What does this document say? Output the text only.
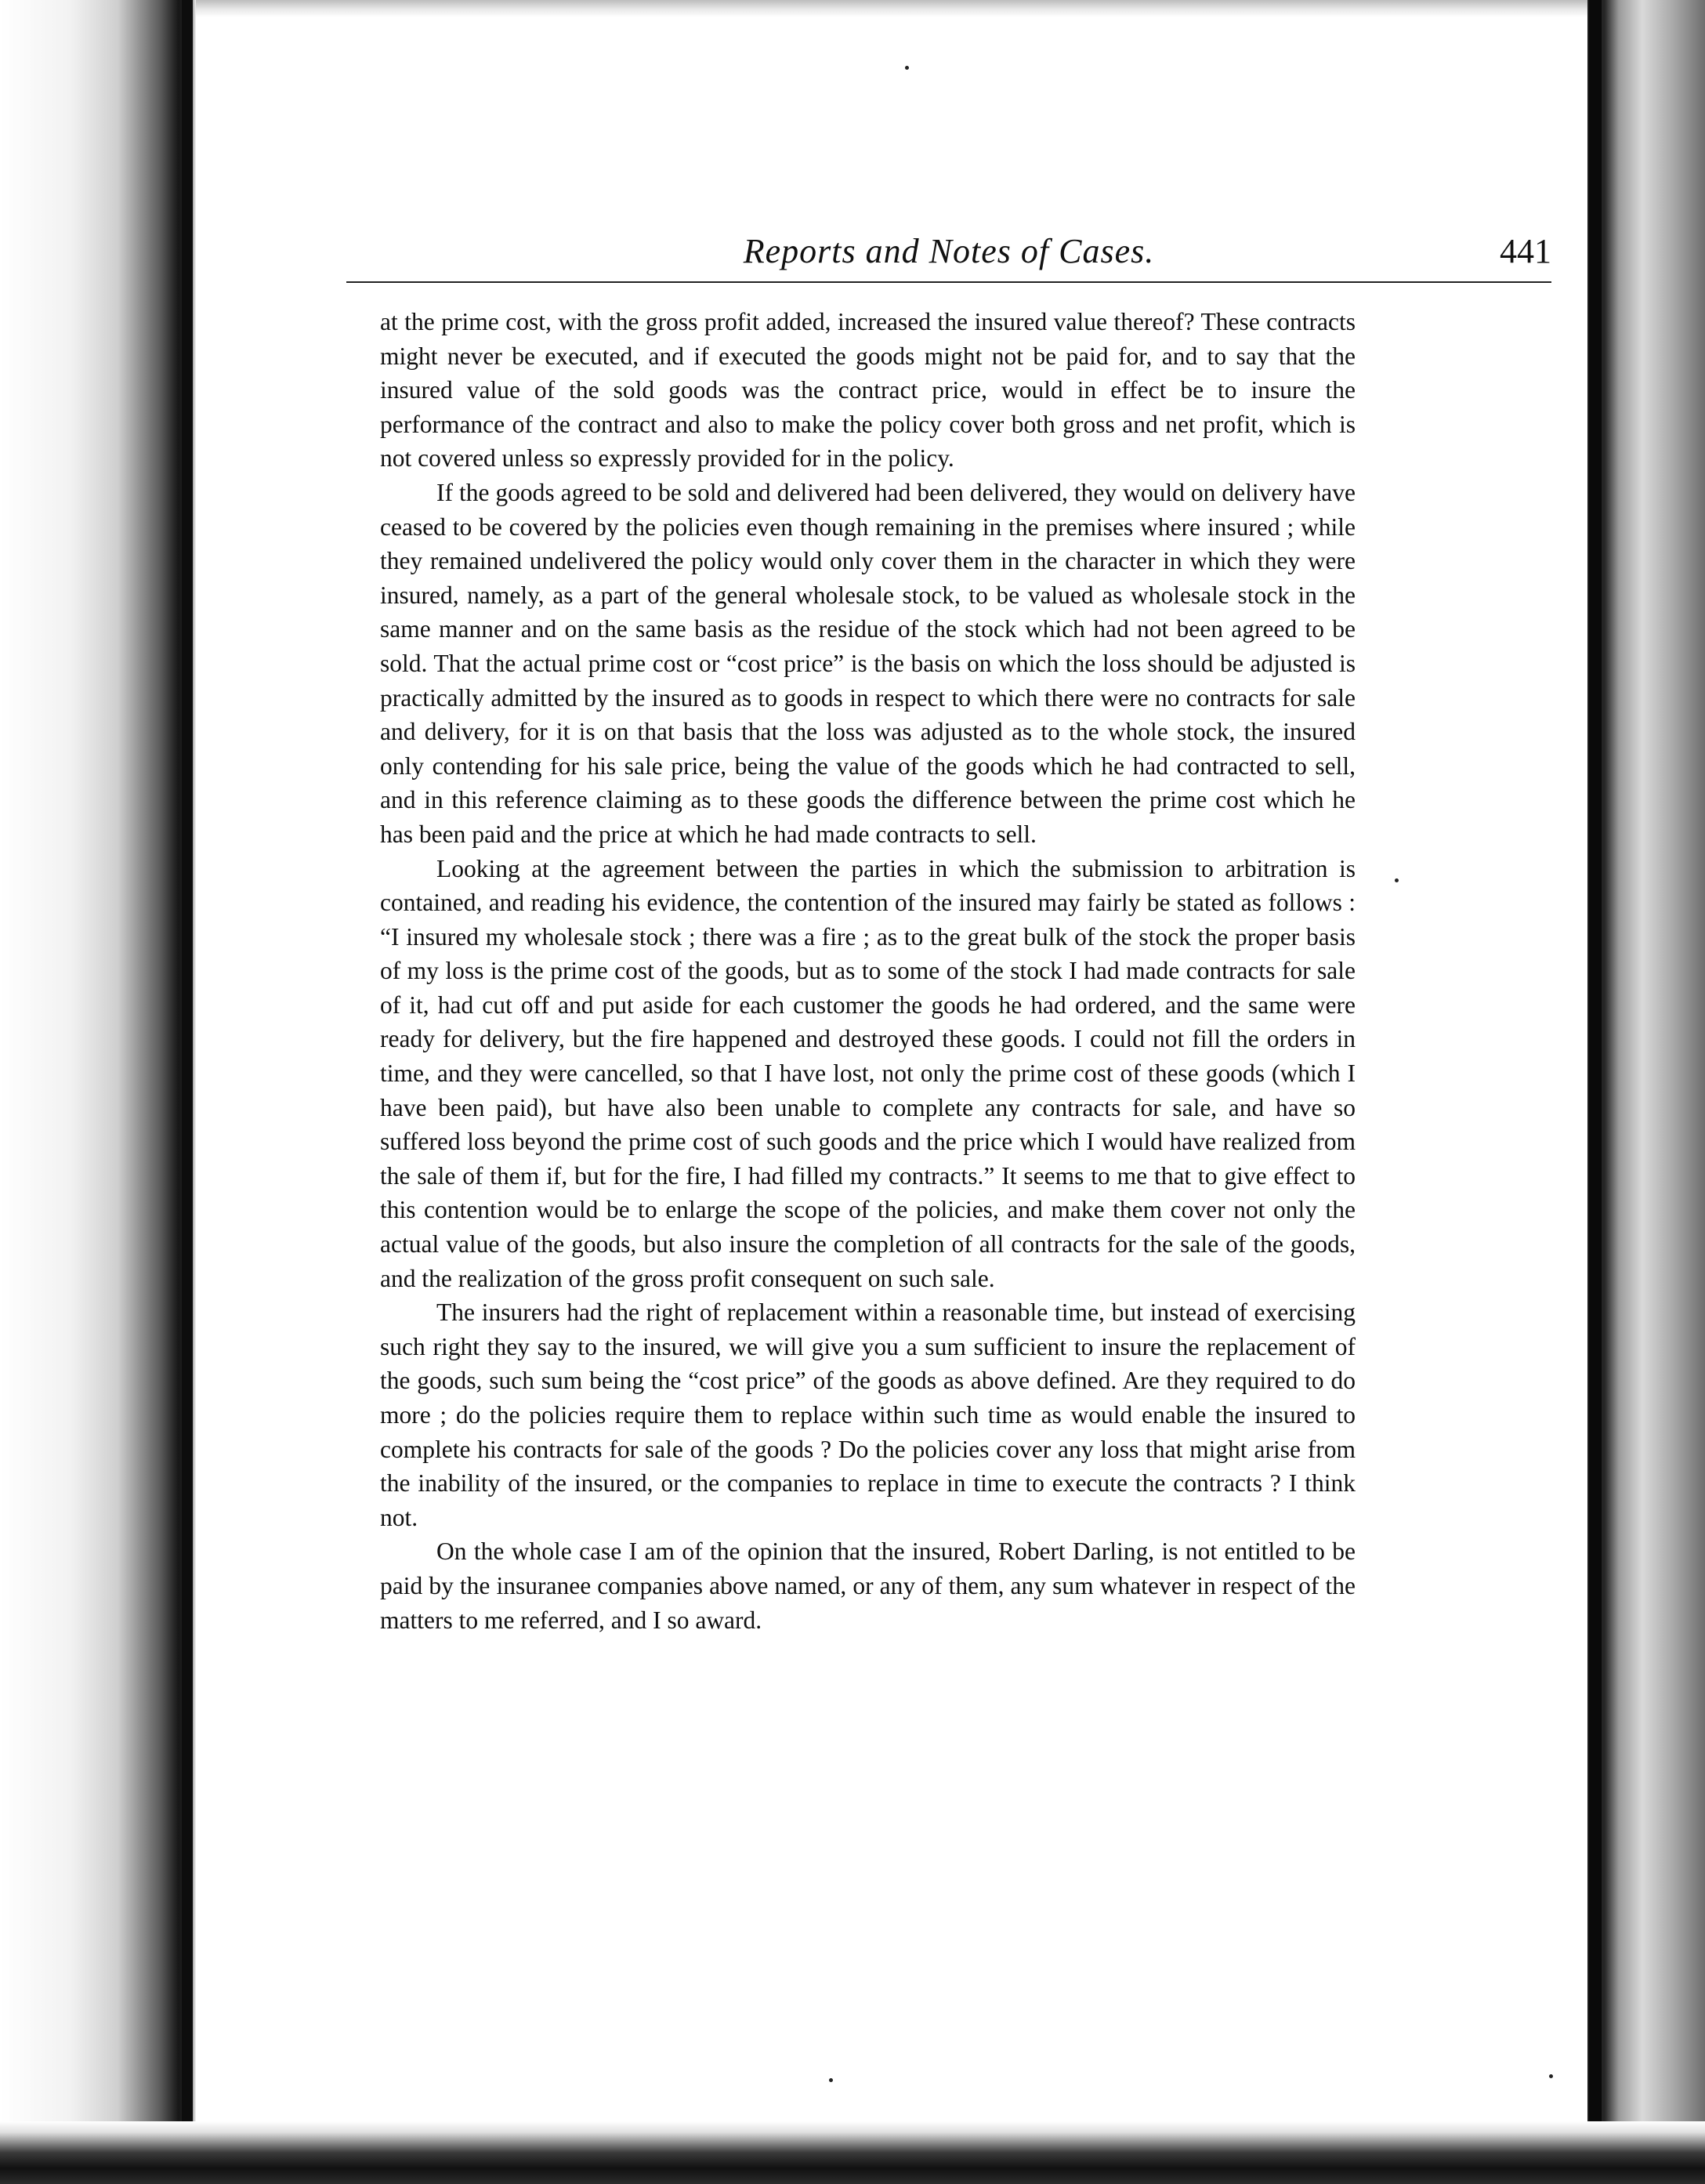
Reports and Notes of Cases.	441

at the prime cost, with the gross profit added, increased the insured value thereof? These contracts might never be executed, and if executed the goods might not be paid for, and to say that the insured value of the sold goods was the contract price, would in effect be to insure the performance of the contract and also to make the policy cover both gross and net profit, which is not covered unless so expressly provided for in the policy.

If the goods agreed to be sold and delivered had been delivered, they would on delivery have ceased to be covered by the policies even though remaining in the premises where insured ; while they remained undelivered the policy would only cover them in the character in which they were insured, namely, as a part of the general wholesale stock, to be valued as wholesale stock in the same manner and on the same basis as the residue of the stock which had not been agreed to be sold. That the actual prime cost or “cost price” is the basis on which the loss should be adjusted is practically admitted by the insured as to goods in respect to which there were no contracts for sale and delivery, for it is on that basis that the loss was adjusted as to the whole stock, the insured only contending for his sale price, being the value of the goods which he had contracted to sell, and in this reference claiming as to these goods the difference between the prime cost which he has been paid and the price at which he had made contracts to sell.

Looking at the agreement between the parties in which the submission to arbitration is contained, and reading his evidence, the contention of the insured may fairly be stated as follows : “I insured my wholesale stock ; there was a fire ; as to the great bulk of the stock the proper basis of my loss is the prime cost of the goods, but as to some of the stock I had made contracts for sale of it, had cut off and put aside for each customer the goods he had ordered, and the same were ready for delivery, but the fire happened and destroyed these goods. I could not fill the orders in time, and they were cancelled, so that I have lost, not only the prime cost of these goods (which I have been paid), but have also been unable to complete any contracts for sale, and have so suffered loss beyond the prime cost of such goods and the price which I would have realized from the sale of them if, but for the fire, I had filled my contracts.” It seems to me that to give effect to this contention would be to enlarge the scope of the policies, and make them cover not only the actual value of the goods, but also insure the completion of all contracts for the sale of the goods, and the realization of the gross profit consequent on such sale.

The insurers had the right of replacement within a reasonable time, but instead of exercising such right they say to the insured, we will give you a sum sufficient to insure the replacement of the goods, such sum being the “cost price” of the goods as above defined. Are they required to do more ; do the policies require them to replace within such time as would enable the insured to complete his contracts for sale of the goods ? Do the policies cover any loss that might arise from the inability of the insured, or the companies to replace in time to execute the contracts ? I think not.

On the whole case I am of the opinion that the insured, Robert Darling, is not entitled to be paid by the insuranee companies above named, or any of them, any sum whatever in respect of the matters to me referred, and I so award.
